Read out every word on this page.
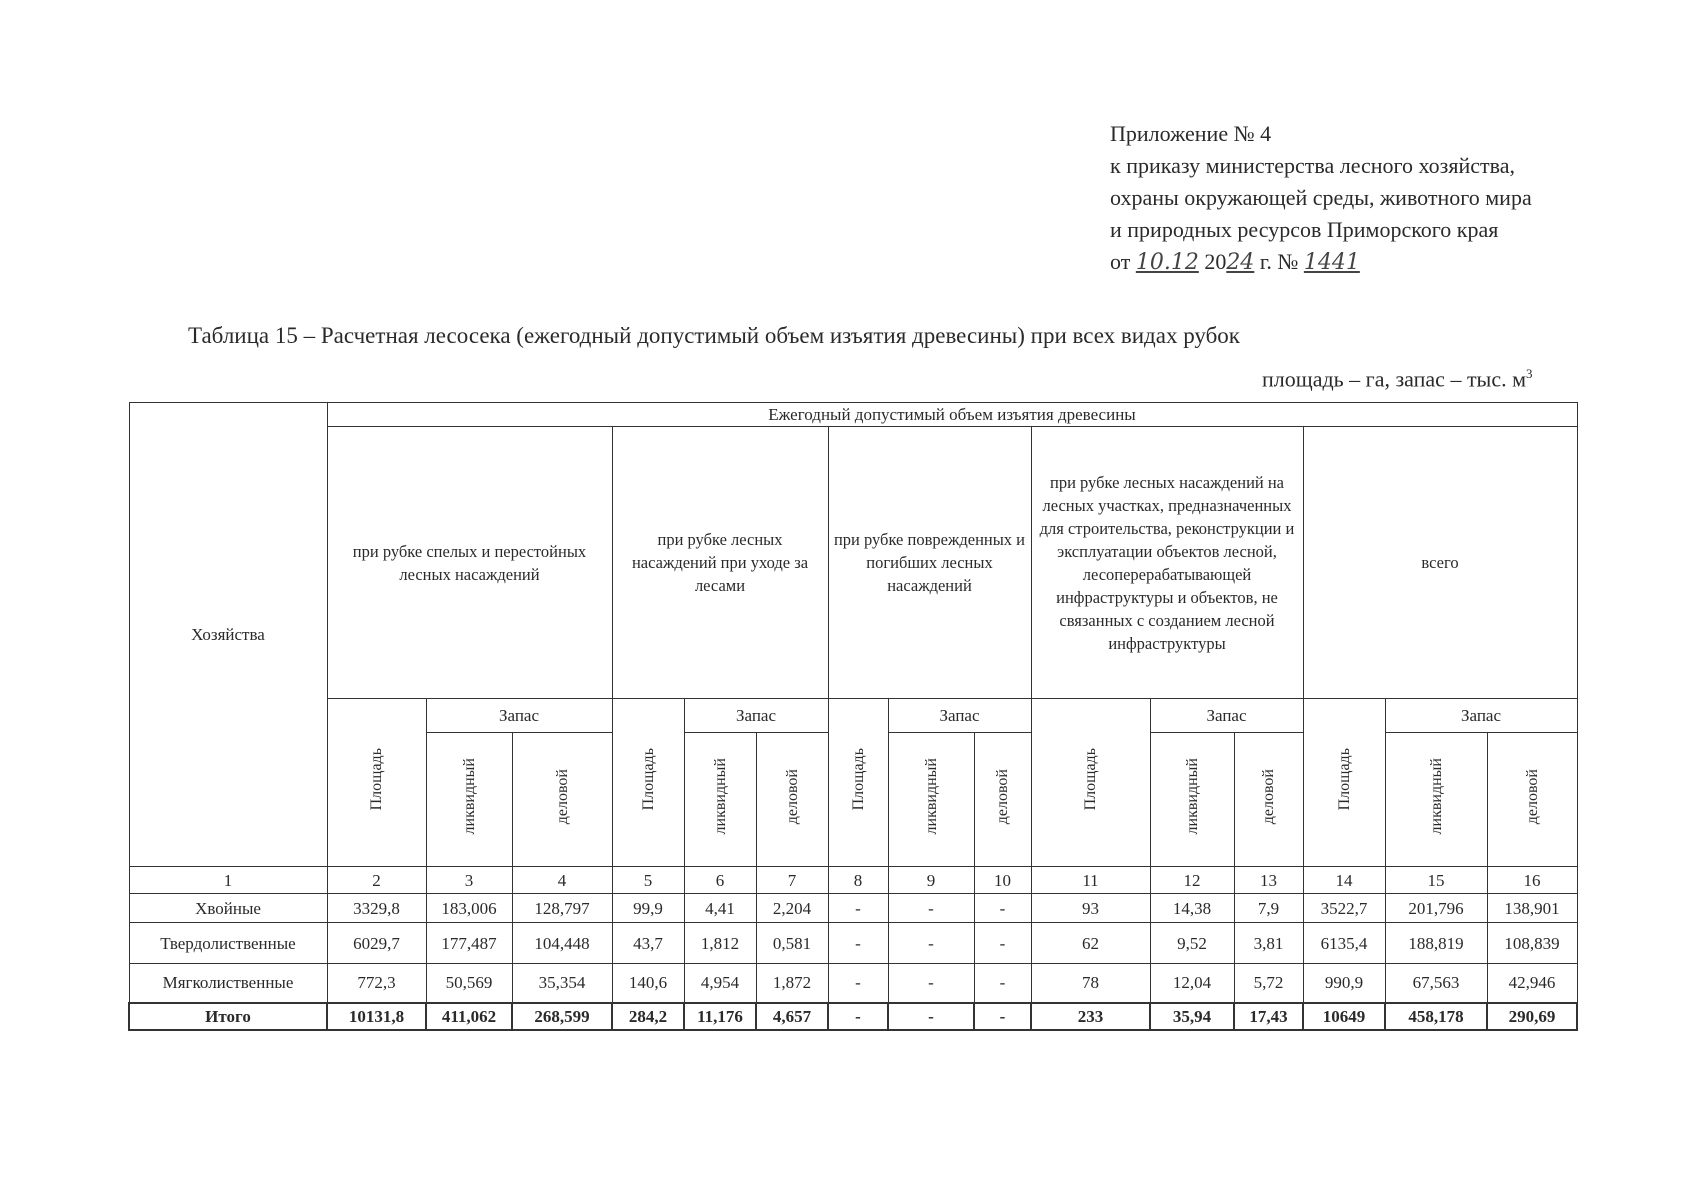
Приложение № 4
к приказу министерства лесного хозяйства,
охраны окружающей среды, животного мира
и природных ресурсов Приморского края
от 10.12 2024 г. № 1441
Таблица 15 – Расчетная лесосека (ежегодный допустимый объем изъятия древесины) при всех видах рубок
площадь – га, запас – тыс. $м^3$
Хозяйства	Ежегодный допустимый объем изъятия древесины														
	при рубке спелых и перестойных лесных насаждений			при рубке лесных насаждений при уходе за лесами			при рубке поврежденных и погибших лесных насаждений			при рубке лесных насаждений на лесных участках, предназначенных для строительства, реконструкции и эксплуатации объектов лесной, лесоперерабатывающей инфраструктуры и объектов, не связанных с созданием лесной инфраструктуры			всего		
	Площадь	Запас		Площадь	Запас		Площадь	Запас		Площадь	Запас		Площадь	Запас	
		ликвидный	деловой		ликвидный	деловой		ликвидный	деловой		ликвидный	деловой		ликвидный	деловой
1	2	3	4	5	6	7	8	9	10	11	12	13	14	15	16
Хвойные	3329,8	183,006	128,797	99,9	4,41	2,204	-	-	-	93	14,38	7,9	3522,7	201,796	138,901
Твердолиственные	6029,7	177,487	104,448	43,7	1,812	0,581	-	-	-	62	9,52	3,81	6135,4	188,819	108,839
Мягколиственные	772,3	50,569	35,354	140,6	4,954	1,872	-	-	-	78	12,04	5,72	990,9	67,563	42,946
Итого	10131,8	411,062	268,599	284,2	11,176	4,657	-	-	-	233	35,94	17,43	10649	458,178	290,69
